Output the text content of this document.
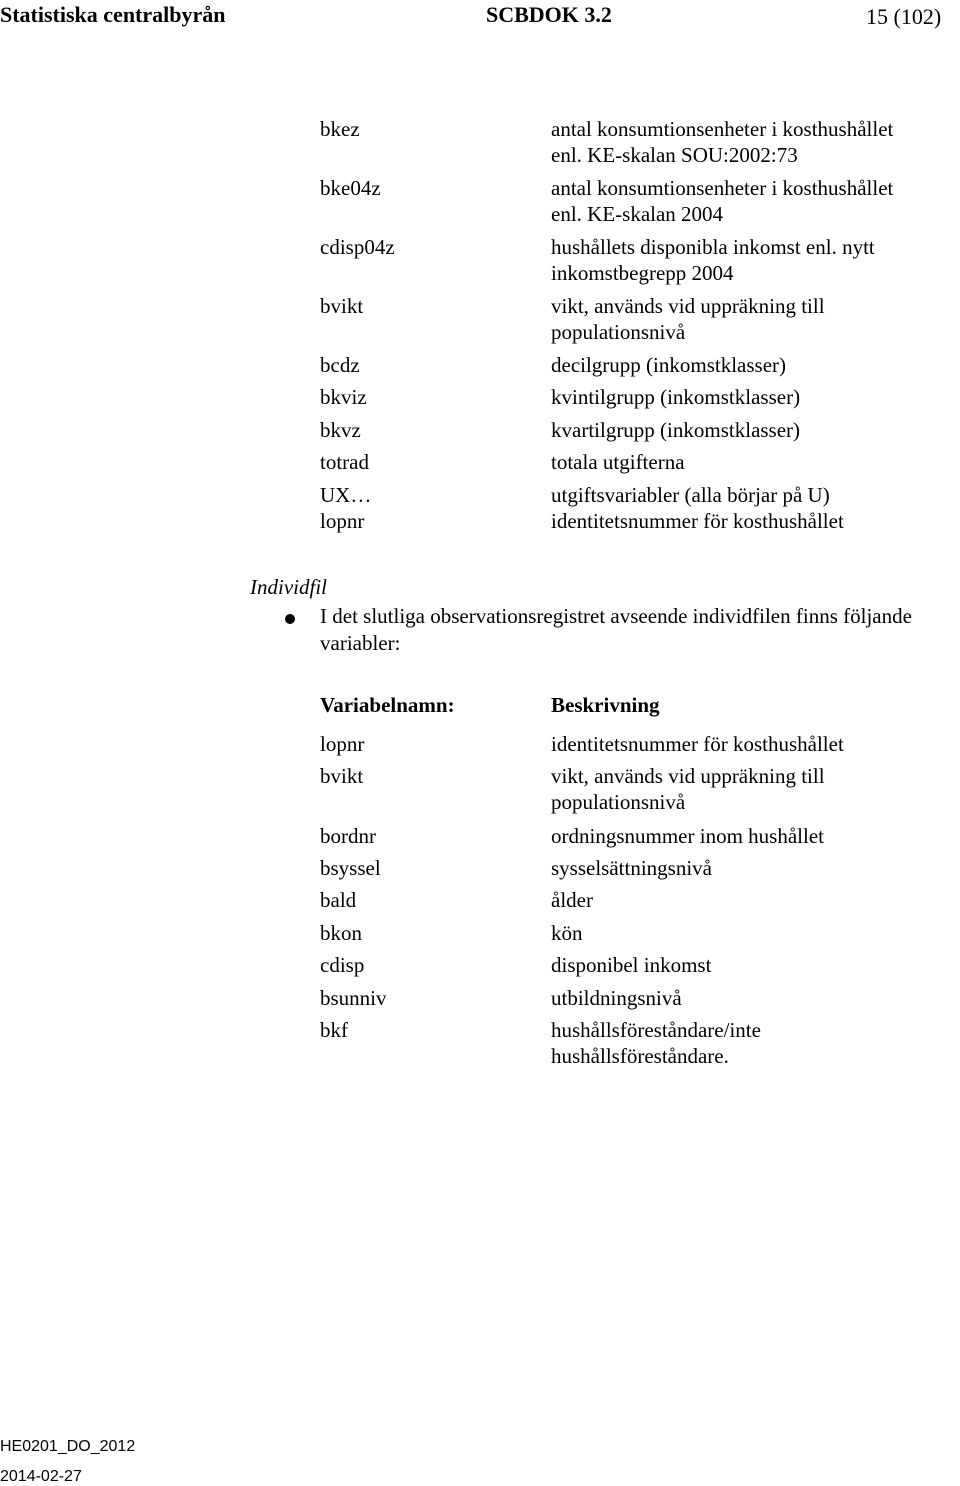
Statistiska centralbyrån	SCBDOK 3.2	15 (102)
bkez	antal konsumtionsenheter i kosthushållet
enl. KE-skalan SOU:2002:73
bke04z	antal konsumtionsenheter i kosthushållet
enl. KE-skalan 2004
cdisp04z	hushållets disponibla inkomst enl. nytt
inkomstbegrepp 2004
bvikt	vikt, används vid uppräkning till
populationsnivå
bcdz	decilgrupp (inkomstklasser)
bkviz	kvintilgrupp (inkomstklasser)
bkvz	kvartilgrupp (inkomstklasser)
totrad	totala utgifterna
UX…	utgiftsvariabler (alla börjar på U)
lopnr	identitetsnummer för kosthushållet
Individfil
I det slutliga observationsregistret avseende individfilen finns följande variabler:
Variabelnamn:	Beskrivning
lopnr	identitetsnummer för kosthushållet
bvikt	vikt, används vid uppräkning till
populationsnivå
bordnr	ordningsnummer inom hushållet
bsyssel	sysselsättningsnivå
bald	ålder
bkon	kön
cdisp	disponibel inkomst
bsunniv	utbildningsnivå
bkf	hushållsföreståndare/inte
hushållsföreståndare.
HE0201_DO_2012
2014-02-27
